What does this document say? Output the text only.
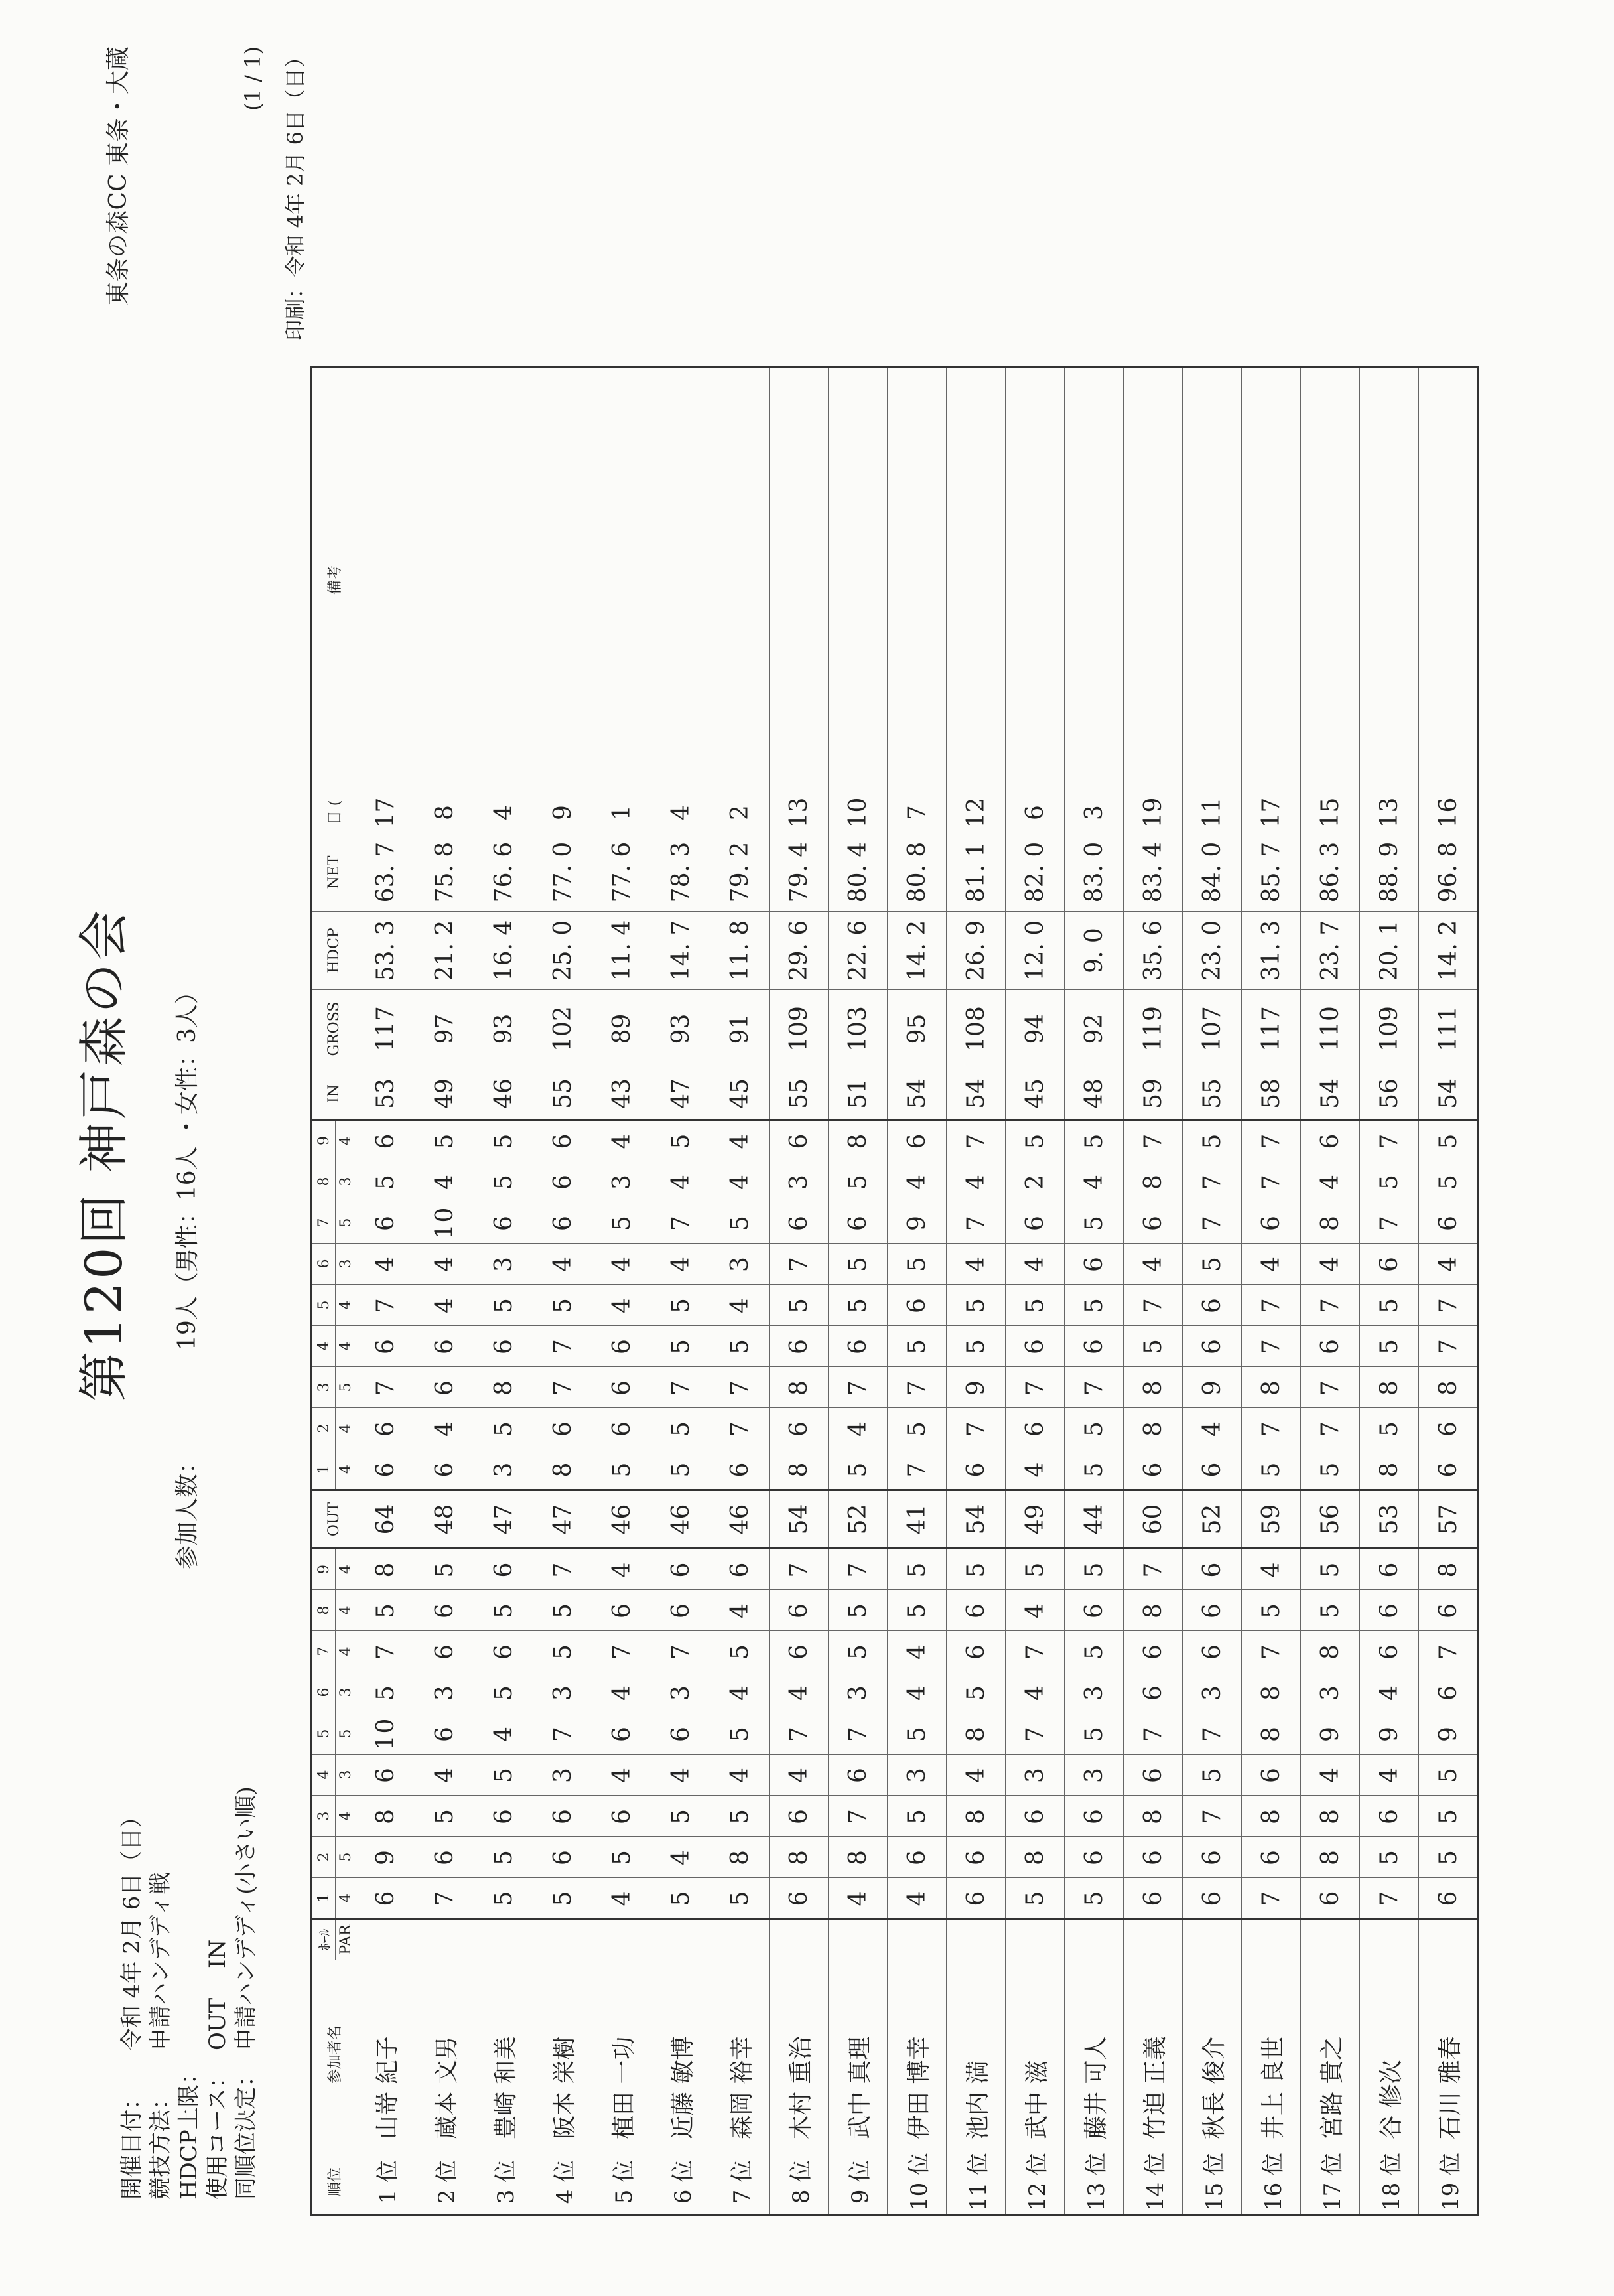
第120回 神戸森の会
東条の森CC 東条・大蔵	(1 / 1) 印刷：令和 4年 2月 6日（日）
開催日付：令和 4年 2月 6日（日）
競技方法：申請ハンデディ戦
HDCP上限： 使用コース：OUT　 IN
同順位決定：申請ハンデディ(小さい順)
参加人数：19人（男性：16人 ・女性：3人）
順位	参加者名	ﾎｰﾙ	1	2	3	4	5	6	7	8	9	OUT	1	2	3	4	5	6	7	8	9	IN	GROSS	HDCP	NET	日 (	備考
		PAR	4	5	4	3	5	3	4	4	4		4	4	5	4	4	3	5	3	4						
1 位	山嵜 紀子		6	9	8	6	10	5	7	5	8	64	6	6	7	6	7	4	6	5	6	53	117	53. 3	63. 7	17	
2 位	蔵本 文男		7	6	5	4	6	3	6	6	5	48	6	4	6	6	4	4	10	4	5	49	97	21. 2	75. 8	8	
3 位	豊崎 和美		5	5	6	5	4	5	6	5	6	47	3	5	8	6	5	3	6	5	5	46	93	16. 4	76. 6	4	
4 位	阪本 栄樹		5	6	6	3	7	3	5	5	7	47	8	6	7	7	5	4	6	6	6	55	102	25. 0	77. 0	9	
5 位	植田 一功		4	5	6	4	6	4	7	6	4	46	5	6	6	6	4	4	5	3	4	43	89	11. 4	77. 6	1	
6 位	近藤 敏博		5	4	5	4	6	3	7	6	6	46	5	5	7	5	5	4	7	4	5	47	93	14. 7	78. 3	4	
7 位	森岡 裕幸		5	8	5	4	5	4	5	4	6	46	6	7	7	5	4	3	5	4	4	45	91	11. 8	79. 2	2	
8 位	木村 重治		6	8	6	4	7	4	6	6	7	54	8	6	8	6	5	7	6	3	6	55	109	29. 6	79. 4	13	
9 位	武中 真理		4	8	7	6	7	3	5	5	7	52	5	4	7	6	5	5	6	5	8	51	103	22. 6	80. 4	10	
10 位	伊田 博幸		4	6	5	3	5	4	4	5	5	41	7	5	7	5	6	5	9	4	6	54	95	14. 2	80. 8	7	
11 位	池内 満		6	6	8	4	8	5	6	6	5	54	6	7	9	5	5	4	7	4	7	54	108	26. 9	81. 1	12	
12 位	武中 滋		5	8	6	3	7	4	7	4	5	49	4	6	7	6	5	4	6	2	5	45	94	12. 0	82. 0	6	
13 位	藤井 可人		5	6	6	3	5	3	5	6	5	44	5	5	7	6	5	6	5	4	5	48	92	9. 0	83. 0	3	
14 位	竹迫 正義		6	6	8	6	7	6	6	8	7	60	6	8	8	5	7	4	6	8	7	59	119	35. 6	83. 4	19	
15 位	秋長 俊介		6	6	7	5	7	3	6	6	6	52	6	4	9	6	6	5	7	7	5	55	107	23. 0	84. 0	11	
16 位	井上 良世		7	6	8	6	8	8	7	5	4	59	5	7	8	7	7	4	6	7	7	58	117	31. 3	85. 7	17	
17 位	宮路 貴之		6	8	8	4	9	3	8	5	5	56	5	7	7	6	7	4	8	4	6	54	110	23. 7	86. 3	15	
18 位	谷 修次		7	5	6	4	9	4	6	6	6	53	8	5	8	5	5	6	7	5	7	56	109	20. 1	88. 9	13	
19 位	石川 雅春		6	5	5	5	9	6	7	6	8	57	6	6	8	7	7	4	6	5	5	54	111	14. 2	96. 8	16	
